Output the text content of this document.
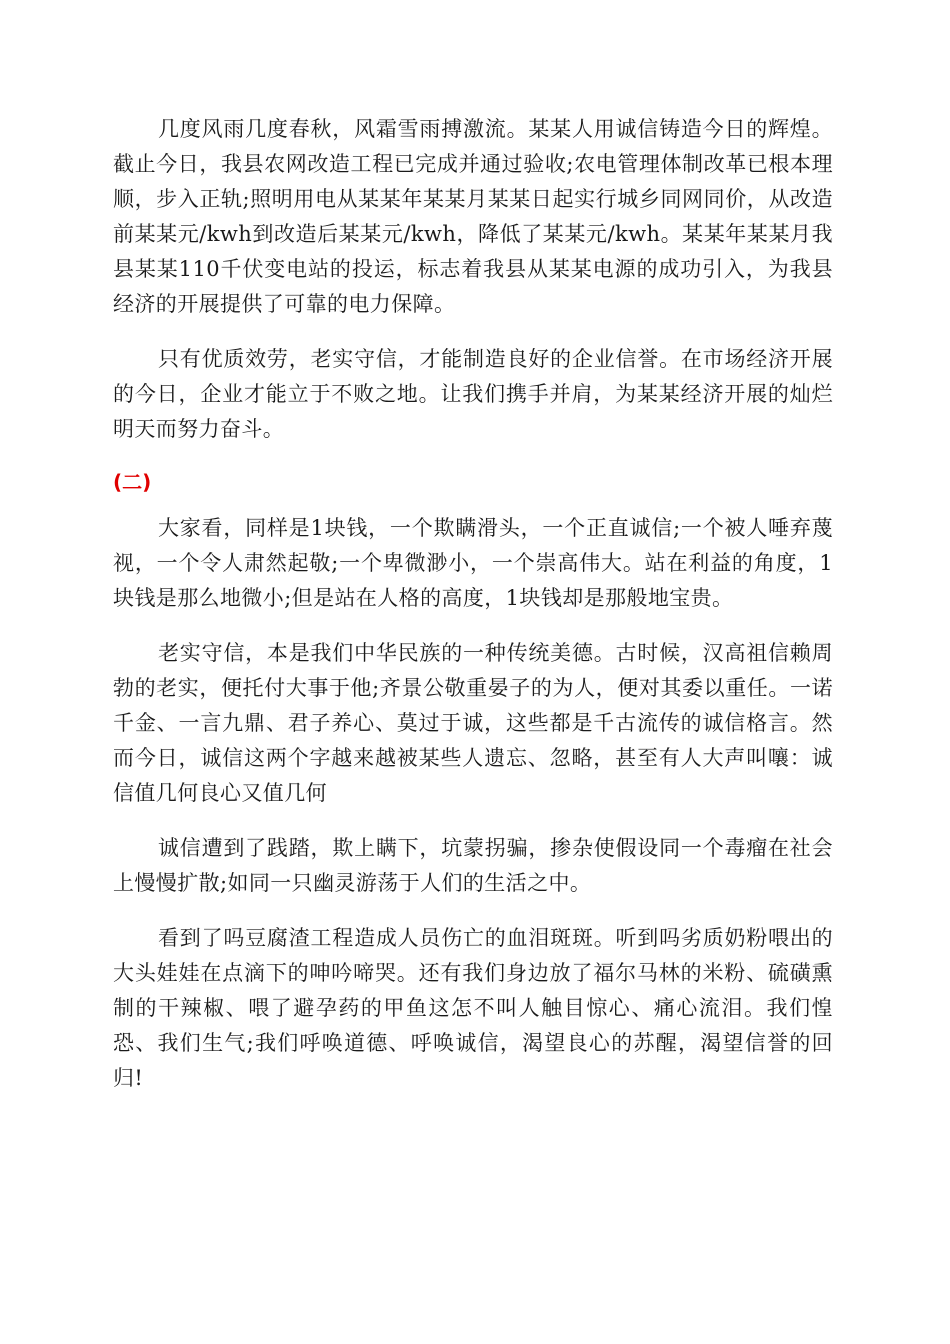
几度风雨几度春秋，风霜雪雨搏激流。某某人用诚信铸造今日的辉煌。截止今日，我县农网改造工程已完成并通过验收;农电管理体制改革已根本理顺，步入正轨;照明用电从某某年某某月某某日起实行城乡同网同价，从改造前某某元/kwh到改造后某某元/kwh，降低了某某元/kwh。某某年某某月我县某某110千伏变电站的投运，标志着我县从某某电源的成功引入，为我县经济的开展提供了可靠的电力保障。

只有优质效劳，老实守信，才能制造良好的企业信誉。在市场经济开展的今日，企业才能立于不败之地。让我们携手并肩，为某某经济开展的灿烂明天而努力奋斗。

(二)

大家看，同样是1块钱，一个欺瞒滑头，一个正直诚信;一个被人唾弃蔑视，一个令人肃然起敬;一个卑微渺小，一个崇高伟大。站在利益的角度，1块钱是那么地微小;但是站在人格的高度，1块钱却是那般地宝贵。

老实守信，本是我们中华民族的一种传统美德。古时候，汉高祖信赖周勃的老实，便托付大事于他;齐景公敬重晏子的为人，便对其委以重任。一诺千金、一言九鼎、君子养心、莫过于诚，这些都是千古流传的诚信格言。然而今日，诚信这两个字越来越被某些人遗忘、忽略，甚至有人大声叫嚷：诚信值几何良心又值几何

诚信遭到了践踏，欺上瞒下，坑蒙拐骗，掺杂使假设同一个毒瘤在社会上慢慢扩散;如同一只幽灵游荡于人们的生活之中。

看到了吗豆腐渣工程造成人员伤亡的血泪斑斑。听到吗劣质奶粉喂出的大头娃娃在点滴下的呻吟啼哭。还有我们身边放了福尔马林的米粉、硫磺熏制的干辣椒、喂了避孕药的甲鱼这怎不叫人触目惊心、痛心流泪。我们惶恐、我们生气;我们呼唤道德、呼唤诚信，渴望良心的苏醒，渴望信誉的回归!
